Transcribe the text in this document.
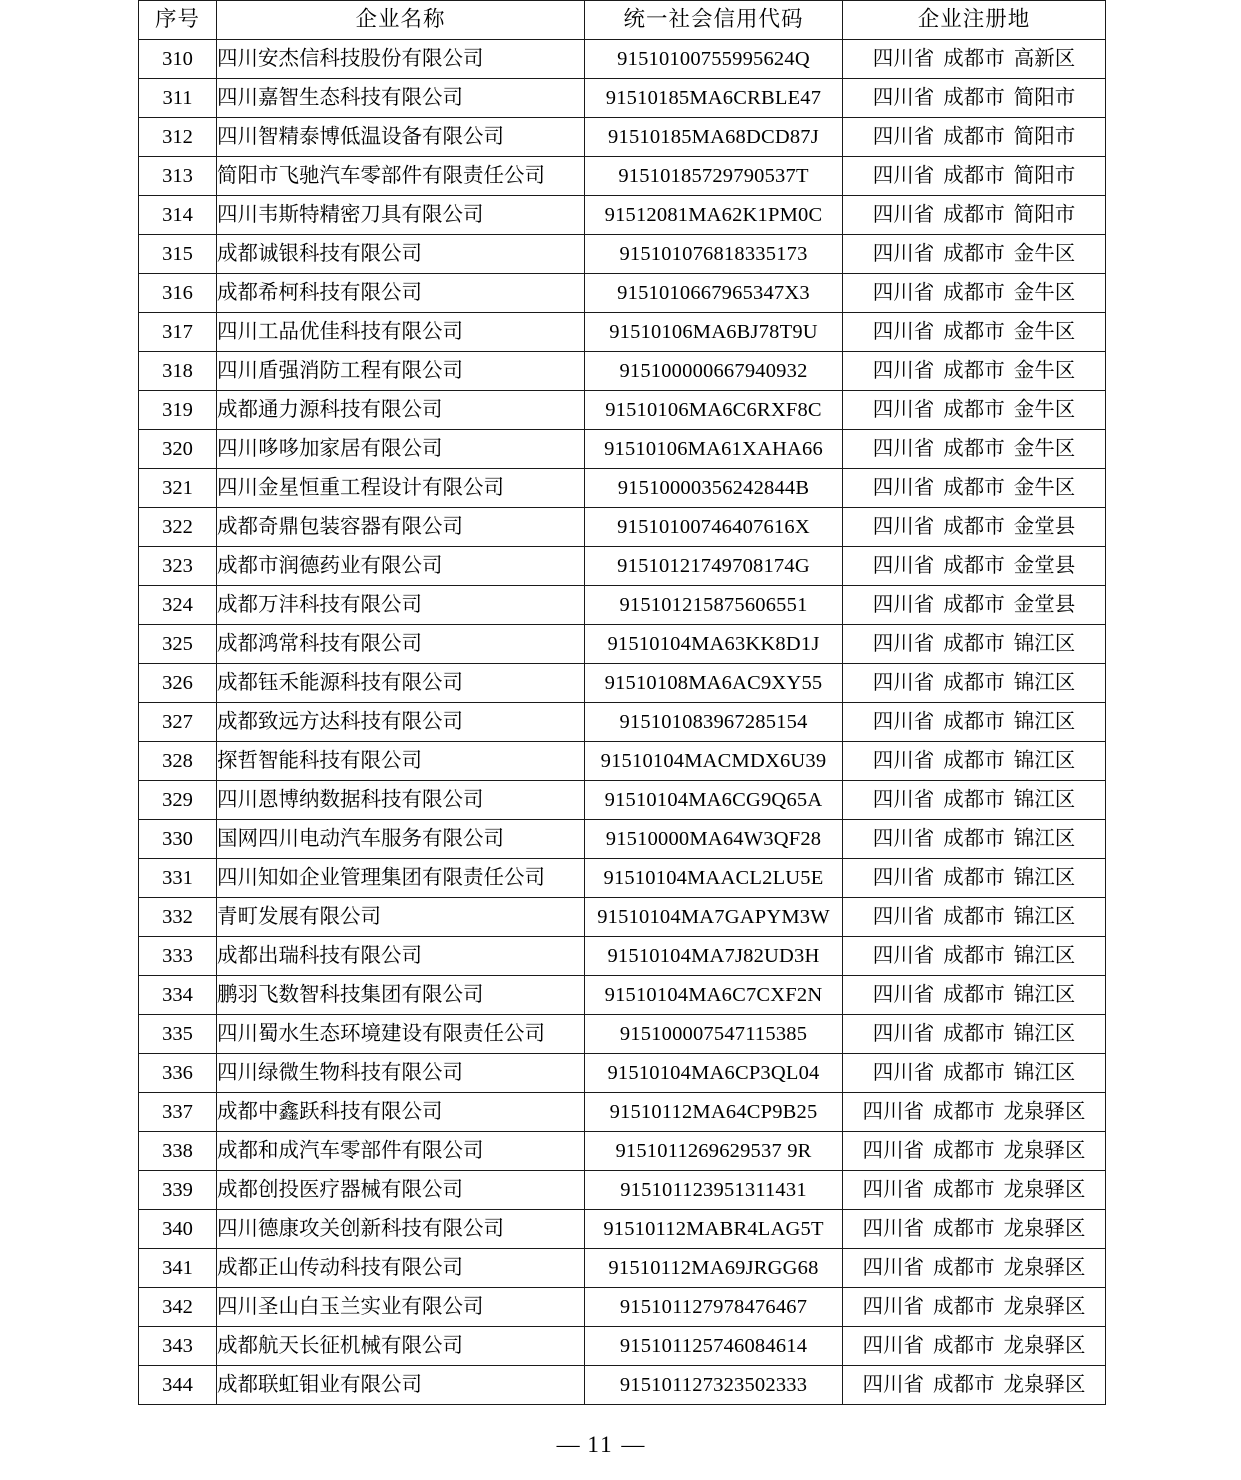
序号	企业名称	统一社会信用代码	企业注册地
310	四川安杰信科技股份有限公司	91510100755995624Q	四川省 成都市 高新区
311	四川嘉智生态科技有限公司	91510185MA6CRBLE47	四川省 成都市 简阳市
312	四川智精泰博低温设备有限公司	91510185MA68DCD87J	四川省 成都市 简阳市
313	简阳市飞驰汽车零部件有限责任公司	91510185729790537T	四川省 成都市 简阳市
314	四川韦斯特精密刀具有限公司	91512081MA62K1PM0C	四川省 成都市 简阳市
315	成都诚银科技有限公司	915101076818335173	四川省 成都市 金牛区
316	成都希柯科技有限公司	9151010667965347X3	四川省 成都市 金牛区
317	四川工品优佳科技有限公司	91510106MA6BJ78T9U	四川省 成都市 金牛区
318	四川盾强消防工程有限公司	915100000667940932	四川省 成都市 金牛区
319	成都通力源科技有限公司	91510106MA6C6RXF8C	四川省 成都市 金牛区
320	四川哆哆加家居有限公司	91510106MA61XAHA66	四川省 成都市 金牛区
321	四川金星恒重工程设计有限公司	91510000356242844B	四川省 成都市 金牛区
322	成都奇鼎包装容器有限公司	91510100746407616X	四川省 成都市 金堂县
323	成都市润德药业有限公司	91510121749708174G	四川省 成都市 金堂县
324	成都万沣科技有限公司	915101215875606551	四川省 成都市 金堂县
325	成都鸿常科技有限公司	91510104MA63KK8D1J	四川省 成都市 锦江区
326	成都钰禾能源科技有限公司	91510108MA6AC9XY55	四川省 成都市 锦江区
327	成都致远方达科技有限公司	915101083967285154	四川省 成都市 锦江区
328	探哲智能科技有限公司	91510104MACMDX6U39	四川省 成都市 锦江区
329	四川恩博纳数据科技有限公司	91510104MA6CG9Q65A	四川省 成都市 锦江区
330	国网四川电动汽车服务有限公司	91510000MA64W3QF28	四川省 成都市 锦江区
331	四川知如企业管理集团有限责任公司	91510104MAACL2LU5E	四川省 成都市 锦江区
332	青町发展有限公司	91510104MA7GAPYM3W	四川省 成都市 锦江区
333	成都出瑞科技有限公司	91510104MA7J82UD3H	四川省 成都市 锦江区
334	鹏羽飞数智科技集团有限公司	91510104MA6C7CXF2N	四川省 成都市 锦江区
335	四川蜀水生态环境建设有限责任公司	915100007547115385	四川省 成都市 锦江区
336	四川绿微生物科技有限公司	91510104MA6CP3QL04	四川省 成都市 锦江区
337	成都中鑫跃科技有限公司	91510112MA64CP9B25	四川省 成都市 龙泉驿区
338	成都和成汽车零部件有限公司	9151011269629537 9R	四川省 成都市 龙泉驿区
339	成都创投医疗器械有限公司	915101123951311431	四川省 成都市 龙泉驿区
340	四川德康攻关创新科技有限公司	91510112MABR4LAG5T	四川省 成都市 龙泉驿区
341	成都正山传动科技有限公司	91510112MA69JRGG68	四川省 成都市 龙泉驿区
342	四川圣山白玉兰实业有限公司	915101127978476467	四川省 成都市 龙泉驿区
343	成都航天长征机械有限公司	915101125746084614	四川省 成都市 龙泉驿区
344	成都联虹钼业有限公司	915101127323502333	四川省 成都市 龙泉驿区
— 11 —
